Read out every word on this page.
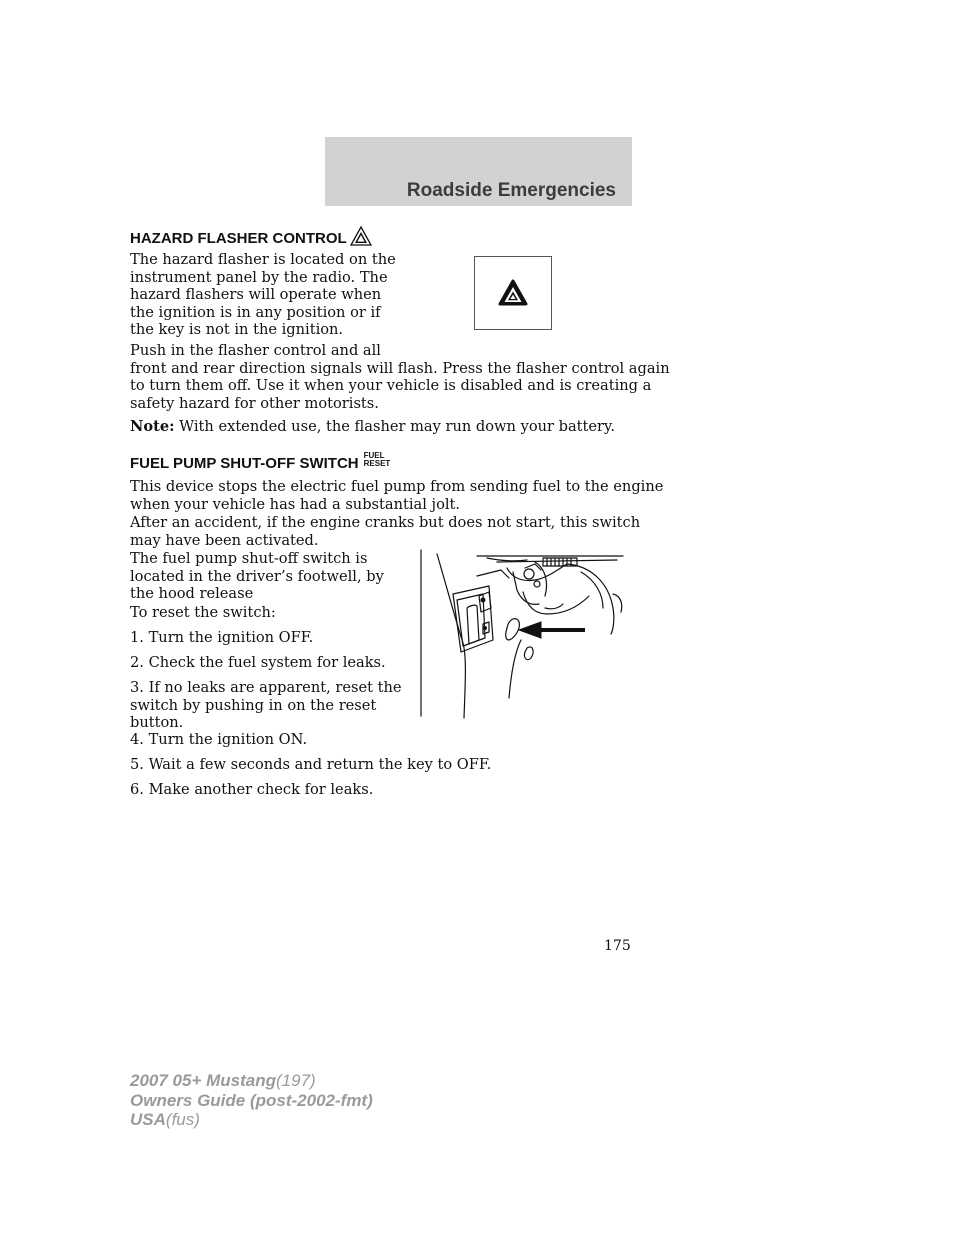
Roadside Emergencies
HAZARD FLASHER CONTROL
The hazard flasher is located on the
instrument panel by the radio. The
hazard flashers will operate when
the ignition is in any position or if
the key is not in the ignition.
Push in the flasher control and all
front and rear direction signals will flash. Press the flasher control again
to turn them off. Use it when your vehicle is disabled and is creating a
safety hazard for other motorists.
Note: With extended use, the flasher may run down your battery.
FUEL PUMP SHUT-OFF SWITCH FUEL
RESET
This device stops the electric fuel pump from sending fuel to the engine
when your vehicle has had a substantial jolt.
After an accident, if the engine cranks but does not start, this switch
may have been activated.
The fuel pump shut-off switch is
located in the driver’s footwell, by
the hood release
To reset the switch:
1. Turn the ignition OFF.
2. Check the fuel system for leaks.
3. If no leaks are apparent, reset the
switch by pushing in on the reset
button.
4. Turn the ignition ON.
5. Wait a few seconds and return the key to OFF.
6. Make another check for leaks.
175
2007 05+ Mustang(197)
Owners Guide (post-2002-fmt)
USA(fus)
